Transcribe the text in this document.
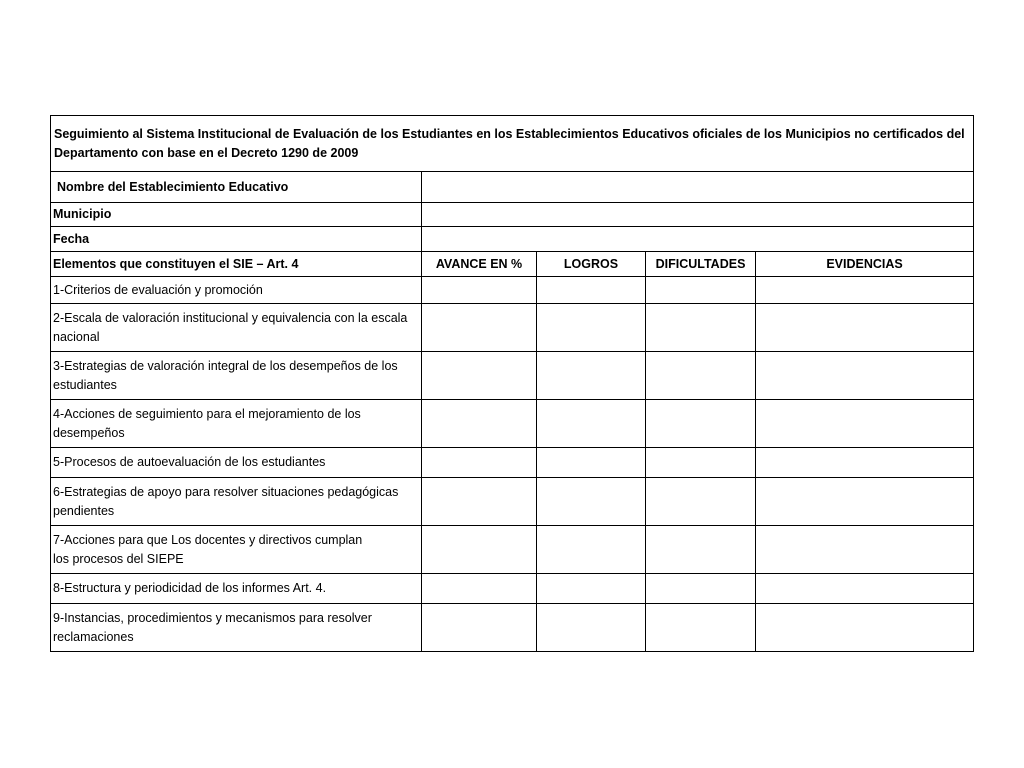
Seguimiento al Sistema Institucional de Evaluación de los Estudiantes en los Establecimientos Educativos oficiales de los Municipios no certificados del Departamento con base en el Decreto 1290 de 2009				
Nombre del Establecimiento Educativo				
Municipio				
Fecha				
Elementos que constituyen el SIE – Art. 4	AVANCE EN %	LOGROS	DIFICULTADES	EVIDENCIAS
1-Criterios de evaluación y promoción				
2-Escala de valoración institucional y equivalencia con la escala nacional				
3-Estrategias de valoración integral de los desempeños de los estudiantes				
4-Acciones de seguimiento para el mejoramiento de los desempeños				
5-Procesos de autoevaluación de los estudiantes				
6-Estrategias de apoyo para resolver situaciones pedagógicas pendientes				
7-Acciones para que Los docentes y directivos cumplan
los procesos del SIEPE				
8-Estructura y periodicidad de los informes Art. 4.				
9-Instancias, procedimientos y mecanismos para resolver reclamaciones				
